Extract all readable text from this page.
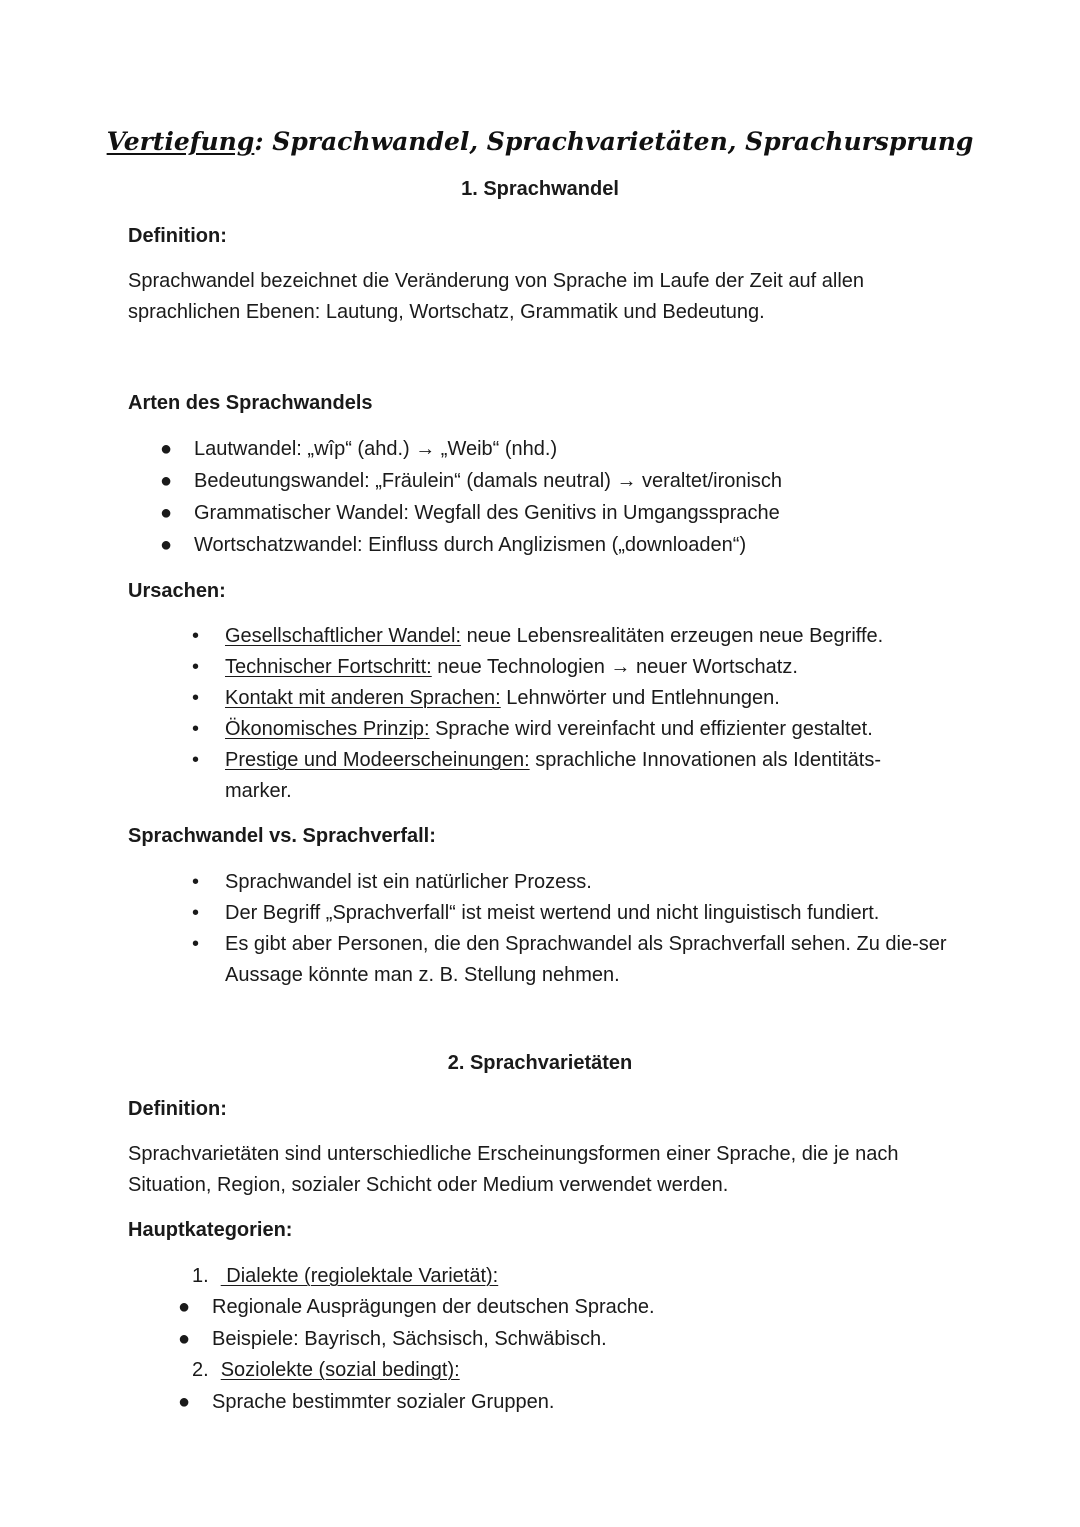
Vertiefung: Sprachwandel, Sprachvarietäten, Sprachursprung
1. Sprachwandel
Definition:
Sprachwandel bezeichnet die Veränderung von Sprache im Laufe der Zeit auf allen sprachlichen Ebenen: Lautung, Wortschatz, Grammatik und Bedeutung.
Arten des Sprachwandels
● Lautwandel: „wîp“ (ahd.) → „Weib“ (nhd.)
● Bedeutungswandel: „Fräulein“ (damals neutral) → veraltet/ironisch
● Grammatischer Wandel: Wegfall des Genitivs in Umgangssprache
● Wortschatzwandel: Einfluss durch Anglizismen („downloaden“)
Ursachen:
• Gesellschaftlicher Wandel: neue Lebensrealitäten erzeugen neue Begriffe.
• Technischer Fortschritt: neue Technologien → neuer Wortschatz.
• Kontakt mit anderen Sprachen: Lehnwörter und Entlehnungen.
• Ökonomisches Prinzip: Sprache wird vereinfacht und effizienter gestaltet.
• Prestige und Modeerscheinungen: sprachliche Innovationen als Identitäts-marker.
Sprachwandel vs. Sprachverfall:
• Sprachwandel ist ein natürlicher Prozess.
• Der Begriff „Sprachverfall“ ist meist wertend und nicht linguistisch fundiert.
• Es gibt aber Personen, die den Sprachwandel als Sprachverfall sehen. Zu die-ser Aussage könnte man z. B. Stellung nehmen.
2. Sprachvarietäten
Definition:
Sprachvarietäten sind unterschiedliche Erscheinungsformen einer Sprache, die je nach Situation, Region, sozialer Schicht oder Medium verwendet werden.
Hauptkategorien:
1. Dialekte (regiolektale Varietät):
● Regionale Ausprägungen der deutschen Sprache.
● Beispiele: Bayrisch, Sächsisch, Schwäbisch.
2. Soziolekte (sozial bedingt):
● Sprache bestimmter sozialer Gruppen.
